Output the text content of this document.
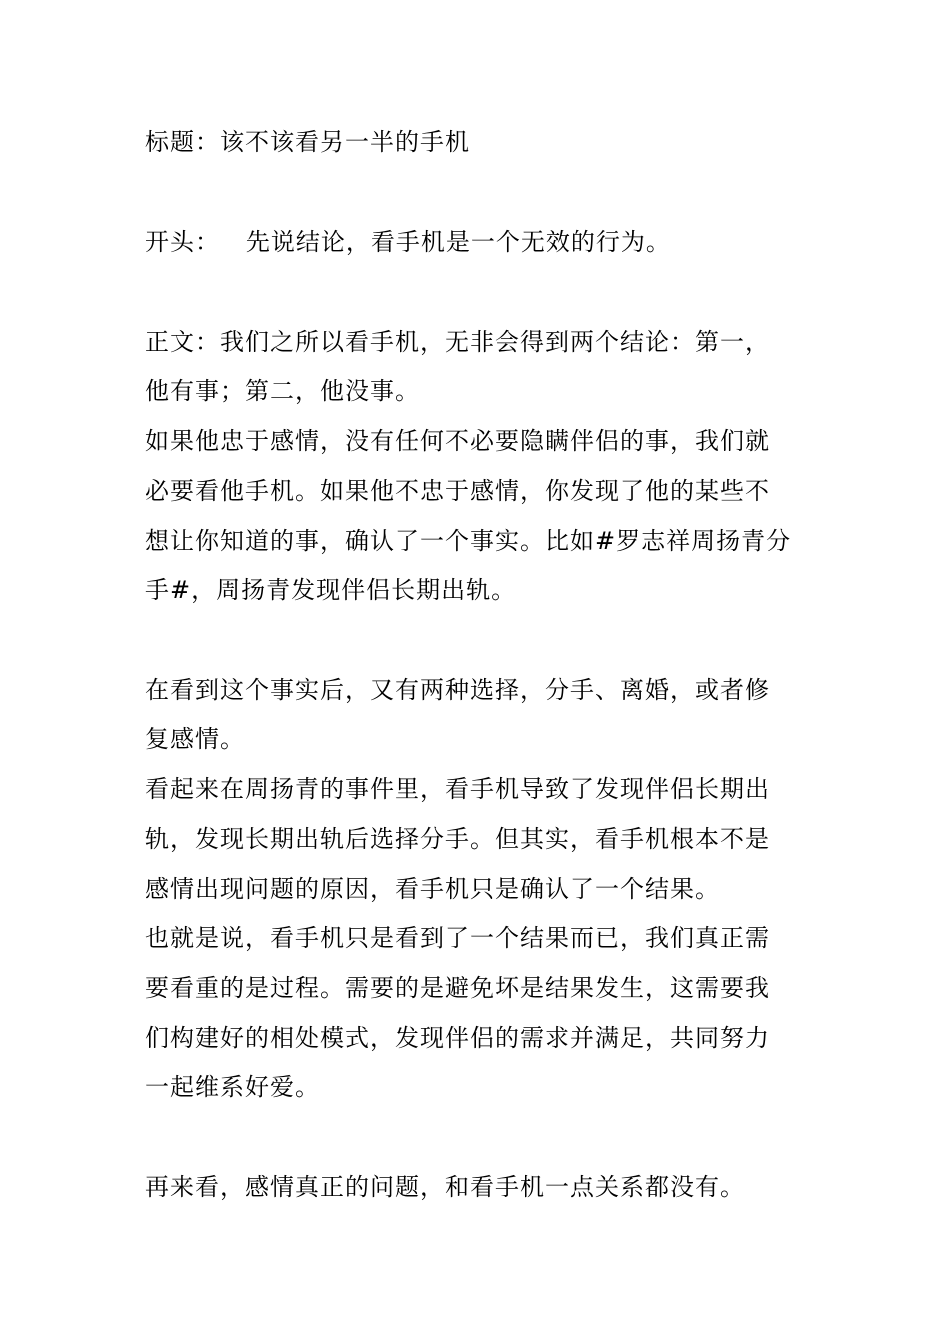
标题：该不该看另一半的手机
开头：   先说结论，看手机是一个无效的行为。
正文：我们之所以看手机，无非会得到两个结论：第一，
他有事；第二，他没事。
如果他忠于感情，没有任何不必要隐瞒伴侣的事，我们就
必要看他手机。如果他不忠于感情，你发现了他的某些不
想让你知道的事，确认了一个事实。比如#罗志祥周扬青分
手#，周扬青发现伴侣长期出轨。
在看到这个事实后，又有两种选择，分手、离婚，或者修
复感情。
看起来在周扬青的事件里，看手机导致了发现伴侣长期出
轨，发现长期出轨后选择分手。但其实，看手机根本不是
感情出现问题的原因，看手机只是确认了一个结果。
也就是说，看手机只是看到了一个结果而已，我们真正需
要看重的是过程。需要的是避免坏是结果发生，这需要我
们构建好的相处模式，发现伴侣的需求并满足，共同努力
一起维系好爱。
再来看，感情真正的问题，和看手机一点关系都没有。
